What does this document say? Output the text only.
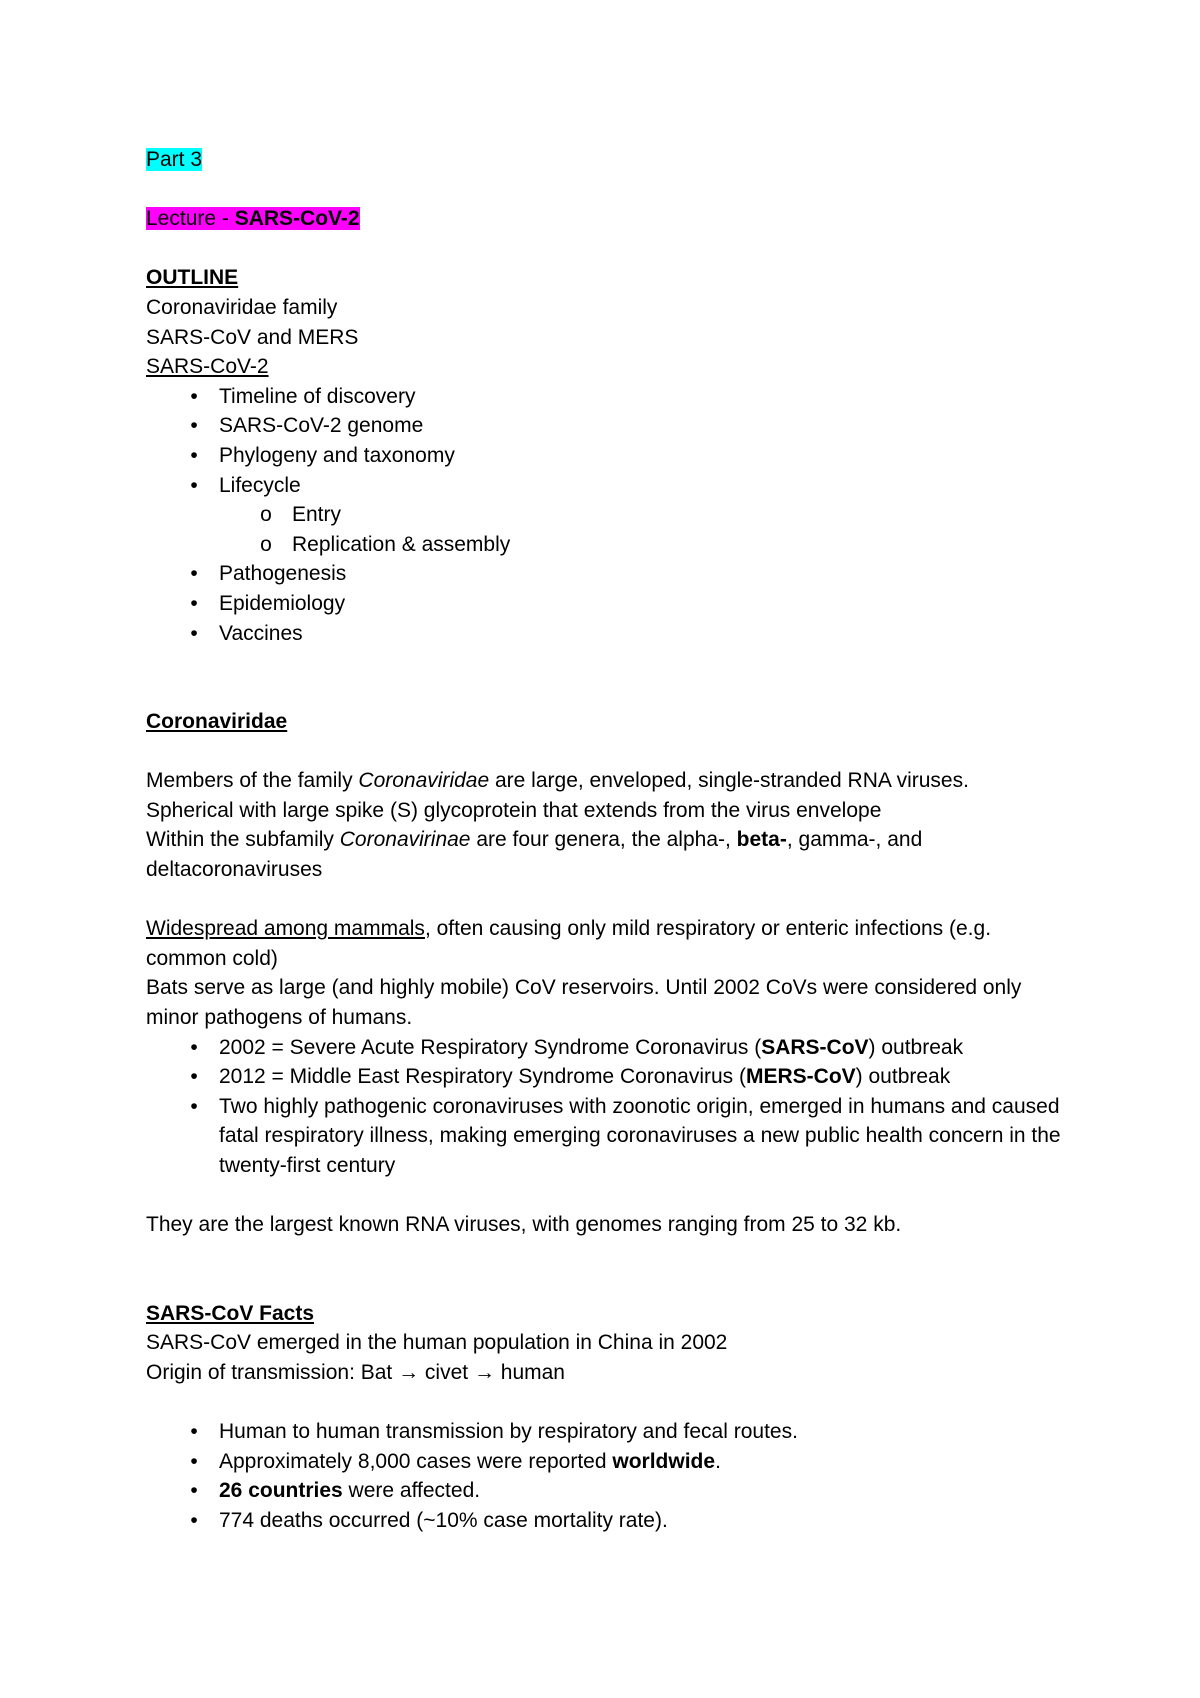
Part 3
Lecture - SARS-CoV-2
OUTLINE
Coronaviridae family
SARS-CoV and MERS
SARS-CoV-2
•	Timeline of discovery
•	SARS-CoV-2 genome
•	Phylogeny and taxonomy
•	Lifecycle
o Entry
o Replication & assembly
•	Pathogenesis
•	Epidemiology
•	Vaccines
Coronaviridae
Members of the family Coronaviridae are large, enveloped, single-stranded RNA viruses.
Spherical with large spike (S) glycoprotein that extends from the virus envelope
Within the subfamily Coronavirinae are four genera, the alpha-, beta-, gamma-, and deltacoronaviruses
Widespread among mammals, often causing only mild respiratory or enteric infections (e.g. common cold)
Bats serve as large (and highly mobile) CoV reservoirs. Until 2002 CoVs were considered only minor pathogens of humans.
•	2002 = Severe Acute Respiratory Syndrome Coronavirus (SARS-CoV) outbreak
•	2012 = Middle East Respiratory Syndrome Coronavirus (MERS-CoV) outbreak
•	Two highly pathogenic coronaviruses with zoonotic origin, emerged in humans and caused fatal respiratory illness, making emerging coronaviruses a new public health concern in the twenty-first century
They are the largest known RNA viruses, with genomes ranging from 25 to 32 kb.
SARS-CoV Facts
SARS-CoV emerged in the human population in China in 2002
Origin of transmission: Bat → civet → human
•	Human to human transmission by respiratory and fecal routes.
•	Approximately 8,000 cases were reported worldwide.
•	26 countries were affected.
•	774 deaths occurred (~10% case mortality rate).
